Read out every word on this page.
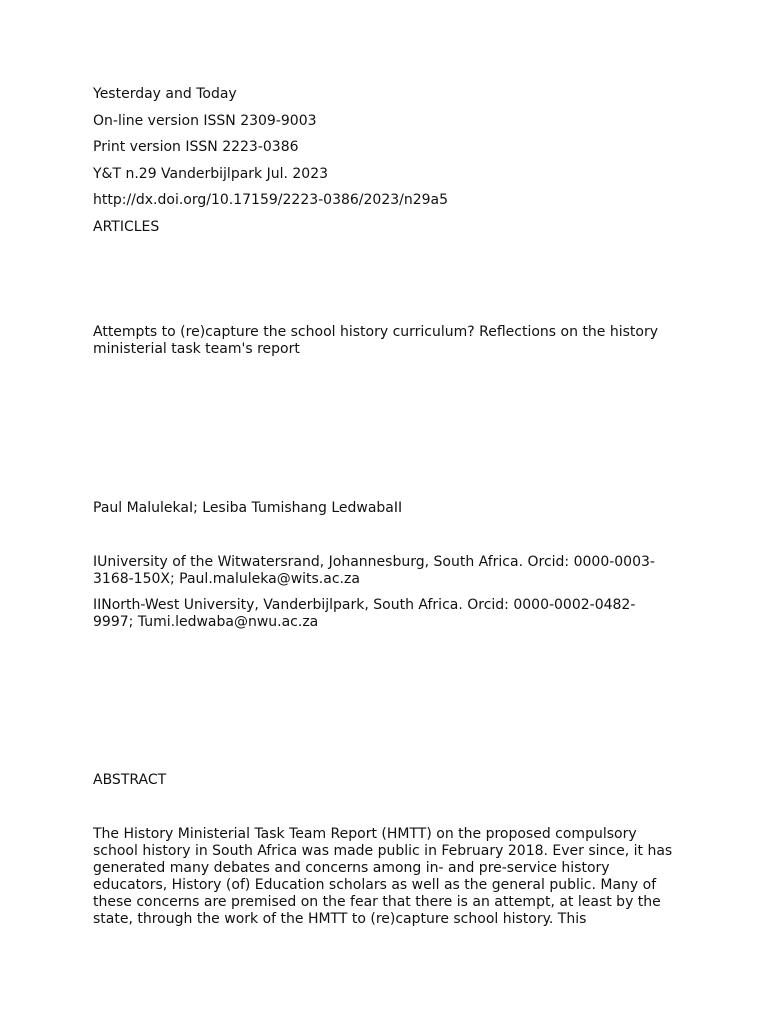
Yesterday and Today

On-line version ISSN 2309-9003

Print version ISSN 2223-0386

Y&T n.29 Vanderbijlpark Jul. 2023

http://dx.doi.org/10.17159/2223-0386/2023/n29a5

ARTICLES

Attempts to (re)capture the school history curriculum? Reflections on the history ministerial task team's report

Paul MalulekaI; Lesiba Tumishang LedwabaII

IUniversity of the Witwatersrand, Johannesburg, South Africa. Orcid: 0000-0003-3168-150X; Paul.maluleka@wits.ac.za

IINorth-West University, Vanderbijlpark, South Africa. Orcid: 0000-0002-0482-9997; Tumi.ledwaba@nwu.ac.za

ABSTRACT

The History Ministerial Task Team Report (HMTT) on the proposed compulsory school history in South Africa was made public in February 2018. Ever since, it has generated many debates and concerns among in- and pre-service history educators, History (of) Education scholars as well as the general public. Many of these concerns are premised on the fear that there is an attempt, at least by the state, through the work of the HMTT to (re)capture school history. This
